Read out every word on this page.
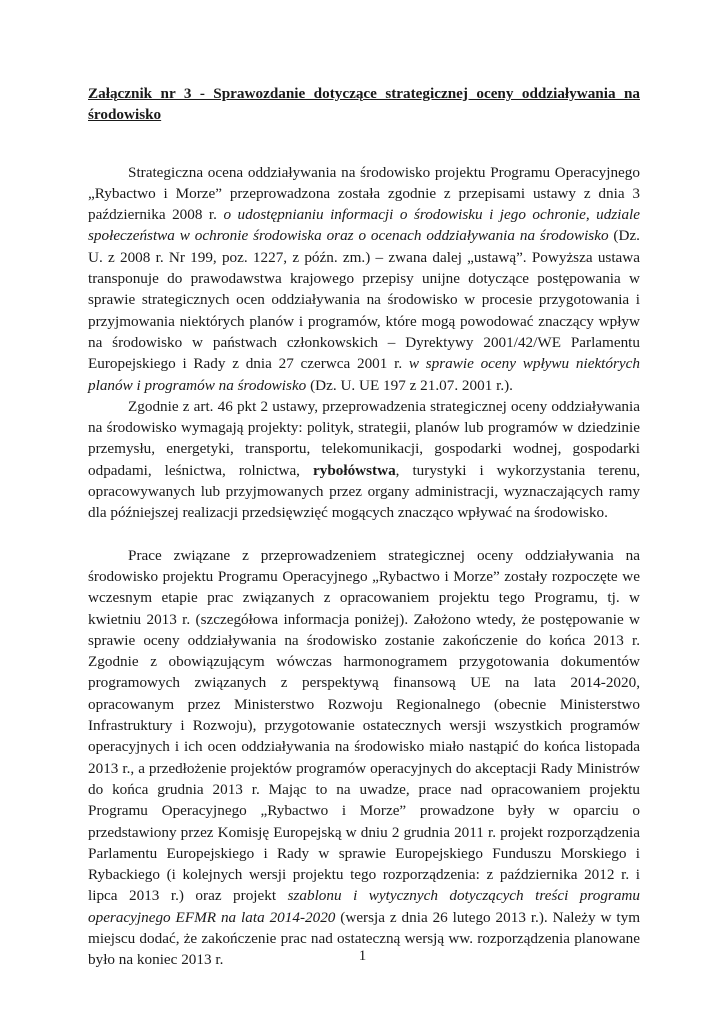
Załącznik nr 3 - Sprawozdanie dotyczące strategicznej oceny oddziaływania na środowisko

Strategiczna ocena oddziaływania na środowisko projektu Programu Operacyjnego „Rybactwo i Morze” przeprowadzona została zgodnie z przepisami ustawy z dnia 3 października 2008 r. o udostępnianiu informacji o środowisku i jego ochronie, udziale społeczeństwa w ochronie środowiska oraz o ocenach oddziaływania na środowisko (Dz. U. z 2008 r. Nr 199, poz. 1227, z późn. zm.) – zwana dalej „ustawą”. Powyższa ustawa transponuje do prawodawstwa krajowego przepisy unijne dotyczące postępowania w sprawie strategicznych ocen oddziaływania na środowisko w procesie przygotowania i przyjmowania niektórych planów i programów, które mogą powodować znaczący wpływ na środowisko w państwach członkowskich – Dyrektywy 2001/42/WE Parlamentu Europejskiego i Rady z dnia 27 czerwca 2001 r. w sprawie oceny wpływu niektórych planów i programów na środowisko (Dz. U. UE 197 z 21.07. 2001 r.).

Zgodnie z art. 46 pkt 2 ustawy, przeprowadzenia strategicznej oceny oddziaływania na środowisko wymagają projekty: polityk, strategii, planów lub programów w dziedzinie przemysłu, energetyki, transportu, telekomunikacji, gospodarki wodnej, gospodarki odpadami, leśnictwa, rolnictwa, rybołówstwa, turystyki i wykorzystania terenu, opracowywanych lub przyjmowanych przez organy administracji, wyznaczających ramy dla późniejszej realizacji przedsięwzięć mogących znacząco wpływać na środowisko.

Prace związane z przeprowadzeniem strategicznej oceny oddziaływania na środowisko projektu Programu Operacyjnego „Rybactwo i Morze” zostały rozpoczęte we wczesnym etapie prac związanych z opracowaniem projektu tego Programu, tj. w kwietniu 2013 r. (szczegółowa informacja poniżej). Założono wtedy, że postępowanie w sprawie oceny oddziaływania na środowisko zostanie zakończenie do końca 2013 r. Zgodnie z obowiązującym wówczas harmonogramem przygotowania dokumentów programowych związanych z perspektywą finansową UE na lata 2014-2020, opracowanym przez Ministerstwo Rozwoju Regionalnego (obecnie Ministerstwo Infrastruktury i Rozwoju), przygotowanie ostatecznych wersji wszystkich programów operacyjnych i ich ocen oddziaływania na środowisko miało nastąpić do końca listopada 2013 r., a przedłożenie projektów programów operacyjnych do akceptacji Rady Ministrów do końca grudnia 2013 r. Mając to na uwadze, prace nad opracowaniem projektu Programu Operacyjnego „Rybactwo i Morze” prowadzone były w oparciu o przedstawiony przez Komisję Europejską w dniu 2 grudnia 2011 r. projekt rozporządzenia Parlamentu Europejskiego i Rady w sprawie Europejskiego Funduszu Morskiego i Rybackiego (i kolejnych wersji projektu tego rozporządzenia: z października 2012 r. i lipca 2013 r.) oraz projekt szablonu i wytycznych dotyczących treści programu operacyjnego EFMR na lata 2014-2020 (wersja z dnia 26 lutego 2013 r.). Należy w tym miejscu dodać, że zakończenie prac nad ostateczną wersją ww. rozporządzenia planowane było na koniec 2013 r.	1
